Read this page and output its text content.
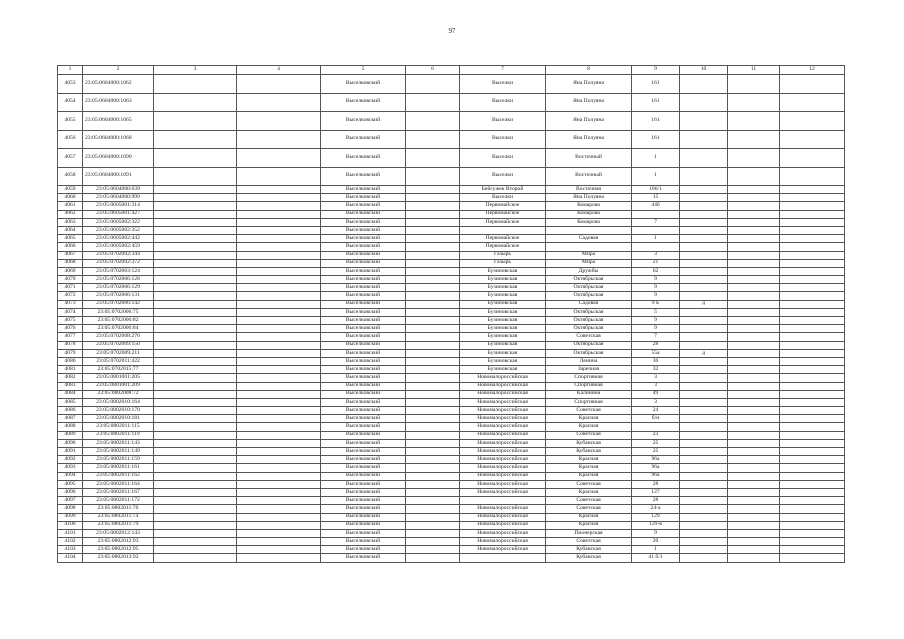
97
1	2	3	4	5	6	7	8	9	10	11	12
4053	23:05:0604000:1062			Выселковский		Выселки	Яна Полуяна	161			
4054	23:05:0604000:1063			Выселковский		Выселки	Яна Полуяна	161			
4055	23:05:0604000:1065			Выселковский		Выселки	Яна Полуяна	161			
4056	23:05:0604000:1068			Выселковский		Выселки	Яна Полуяна	161			
4057	23:05:0604000:1090			Выселковский		Выселки	Восточный	1			
4058	23:05:0604000:1091			Выселковский		Выселки	Восточный	1			
4059	23:05:0604000:639			Выселковский		Бейсужек Второй	Восточная	106/1			
4060	23:05:0604000:999			Выселковский		Выселки	Яна Полуяна	15			
4061	23:05:0605001:314			Выселковский		Первомайское	Комарова	44б			
4062	23:05:0605001:427			Выселковский		Первомайское	Комарова				
4063	23:05:0605002:322			Выселковский		Первомайское	Комарова	7			
4064	23:05:0605002:352			Выселковский							
4065	23:05:0605002:442			Выселковский		Первомайское	Садовая	1			
4066	23:05:0605002:459			Выселковский		Первомайское					
4067	23:05:0702002:344			Выселковский		Газырь	Мира	3			
4068	23:05:0702002:372			Выселковский		Газырь	Мира	21			
4069	23:05:0702003:124			Выселковский		Бузиновская	Дружбы	62			
4070	23:05:0702006:128			Выселковский		Бузиновская	Октябрьская	9			
4071	23:05:0702006:129			Выселковский		Бузиновская	Октябрьская	9			
4072	23:05:0702006:131			Выселковский		Бузиновская	Октябрьская	9			
4073	23:05:0702006:142			Выселковский		Бузиновская	Садовая	9 Б	д		
4074	23:05:0702006:75			Выселковский		Бузиновская	Октябрьская	5			
4075	23:05:0702006:82			Выселковский		Бузиновская	Октябрьская	9			
4076	23:05:0702006:84			Выселковский		Бузиновская	Октябрьская	9			
4077	23:05:0702008:276			Выселковский		Бузиновская	Советская	7			
4078	23:05:0702009:150			Выселковский		Бузиновская	Октябрьская	28			
4079	23:05:0702009:211			Выселковский		Бузиновская	Октябрьская	55а	д		
4080	23:05:0702011:422			Выселковский		Бузиновская	Ленина	36			
4081	23:05:0702015:77			Выселковский		Бузиновская	Заречная	32			
4082	23:05:0801001:205			Выселковский		Новомалороссийская	Спортивная	3			
4083	23:05:0801001:209			Выселковский		Новомалороссийская	Спортивная	3			
4084	23:05:0802008:72			Выселковский		Новомалороссийская	Калинина	49			
4085	23:05:0802010:164			Выселковский		Новомалороссийская	Спортивная	3			
4086	23:05:0802010:170			Выселковский		Новомалороссийская	Советская	24			
4087	23:05:0802010:181			Выселковский		Новомалороссийская	Красная	б/н			
4088	23:05:0802011:115			Выселковский		Новомалороссийская	Красная				
4089	23:05:0802011:119			Выселковский		Новомалороссийская	Советская	23			
4090	23:05:0802011:143			Выселковский		Новомалороссийская	Кубанская	25			
4091	23:05:0802011:149			Выселковский		Новомалороссийская	Кубанская	25			
4092	23:05:0802011:159			Выселковский		Новомалороссийская	Красная	96а			
4093	23:05:0802011:161			Выселковский		Новомалороссийская	Красная	96а			
4094	23:05:0802011:162			Выселковский		Новомалороссийская	Красная	96а			
4095	23:05:0802011:164			Выселковский		Новомалороссийская	Советская	28			
4096	23:05:0802011:167			Выселковский		Новомалороссийская	Красная	127			
4097	23:05:0802011:172			Выселковский			Советская	28			
4098	23:05:0802011:70			Выселковский		Новомалороссийская	Советская	24-а			
4099	23:05:0802011:74			Выселковский		Новомалороссийская	Красная	129			
4100	23:05:0802011:79			Выселковский		Новомалороссийская	Красная	129-в			
4101	23:05:0802012:143			Выселковский		Новомалороссийская	Пионерская	9			
4102	23:05:0802012:93			Выселковский		Новомалороссийская	Советская	20			
4103	23:05:0802012:95			Выселковский		Новомалороссийская	Кубанская	1			
4104	23:05:0802013:92			Выселковский			Кубанская	41 б/1			
